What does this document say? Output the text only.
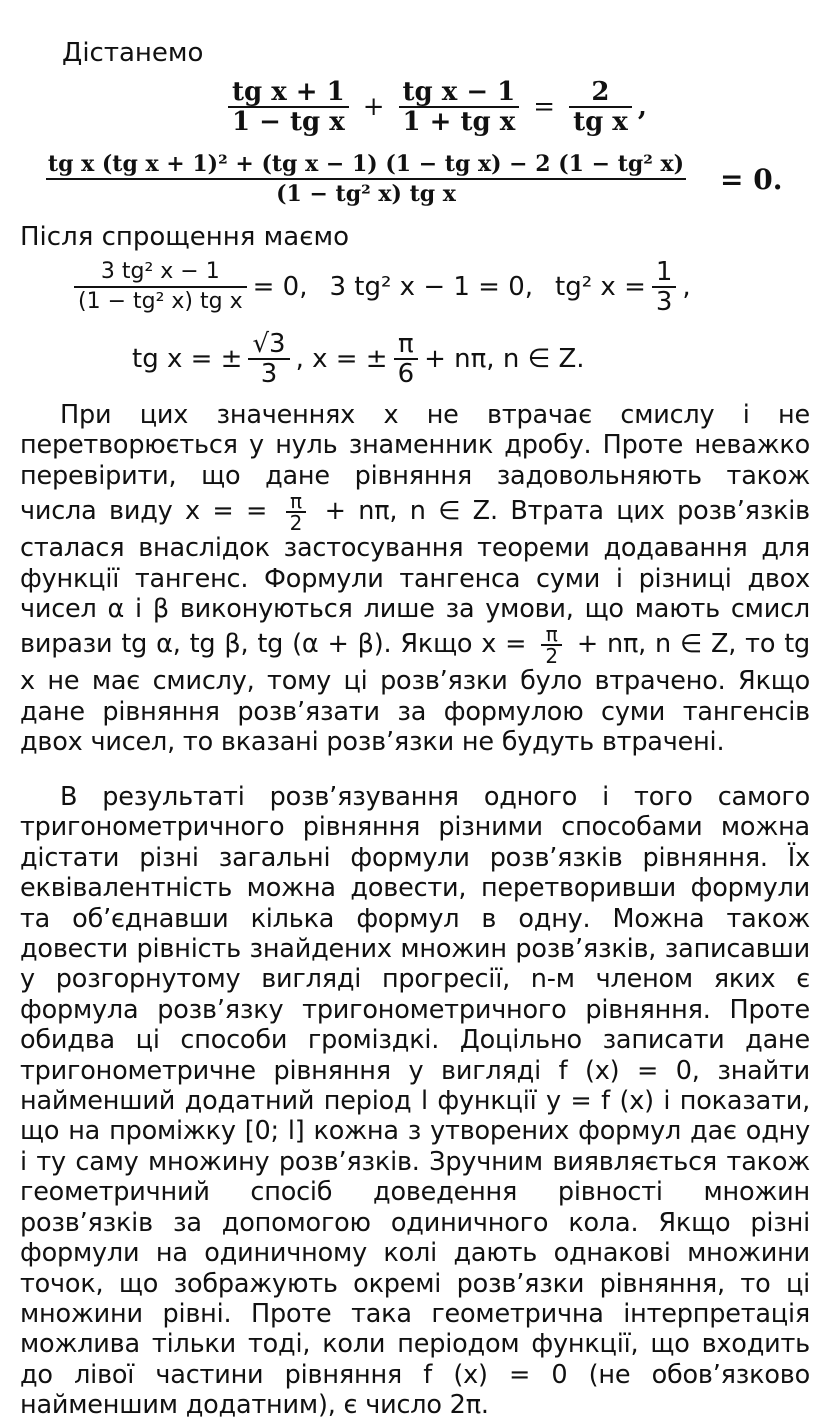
Дістанемо
$\frac{\text{tg x + 1}}{\text{1 − tg x}} + \frac{\text{tg x − 1}}{\text{1 + tg x}} = \frac{2}{\text{tg x}}$ ,
$\frac{\text{tg x (tg x + 1)² + (tg x − 1) (1 − tg x) − 2 (1 − tg² x)}}{\text{(1 − tg² x) tg x}} = 0$.
Після спрощення маємо
$\frac{\text{3 tg² x − 1}}{\text{(1 − tg² x) tg x}} = 0$, 3 tg² x − 1 = 0, tg² $x = \frac{1}{3}$ ,
tg x = ± $\frac{√3}{3}$ , x = ± $\frac{\pi}{6} + n\pi$, n ∈ Z.
При цих значеннях x не втрачає смислу і не перетворюється у нуль знаменник дробу. Проте неважко перевірити, що дане рівняння задовольняють також числа виду x = = $\frac{\pi}{2} + n\pi$, n ∈ Z. Втрата цих розв’язків сталася внаслідок застосування теореми додавання для функції тангенс. Формули тангенса суми і різниці двох чисел α і β виконуються лише за умови, що мають смисл вирази tg α, tg β, tg (α + β). Якщо $x = \frac{\pi}{2} + n\pi$, n ∈ Z, то tg x не має смислу, тому ці розв’язки було втрачено. Якщо дане рівняння розв’язати за формулою суми тангенсів двох чисел, то вказані розв’язки не будуть втрачені.
В результаті розв’язування одного і того самого тригонометричного рівняння різними способами можна дістати різні загальні формули розв’язків рівняння. Їх еквівалентність можна довести, перетворивши формули та об’єднавши кілька формул в одну. Можна також довести рівність знайдених множин розв’язків, записавши у розгорнутому вигляді прогресії, n-м членом яких є формула розв’язку тригонометричного рівняння. Проте обидва ці способи громіздкі. Доцільно записати дане тригонометричне рівняння у вигляді f (x) = 0, знайти найменший додатний період l функції y = f (x) і показати, що на проміжку [0; l] кожна з утворених формул дає одну і ту саму множину розв’язків. Зручним виявляється також геометричний спосіб доведення рівності множин розв’язків за допомогою одиничного кола. Якщо різні формули на одиничному колі дають однакові множини точок, що зображують окремі розв’язки рівняння, то ці множини рівні. Проте така геометрична інтерпретація можлива тільки тоді, коли періодом функції, що входить до лівої частини рівняння f (x) = 0 (не обов’язково найменшим додатним), є число 2π.
